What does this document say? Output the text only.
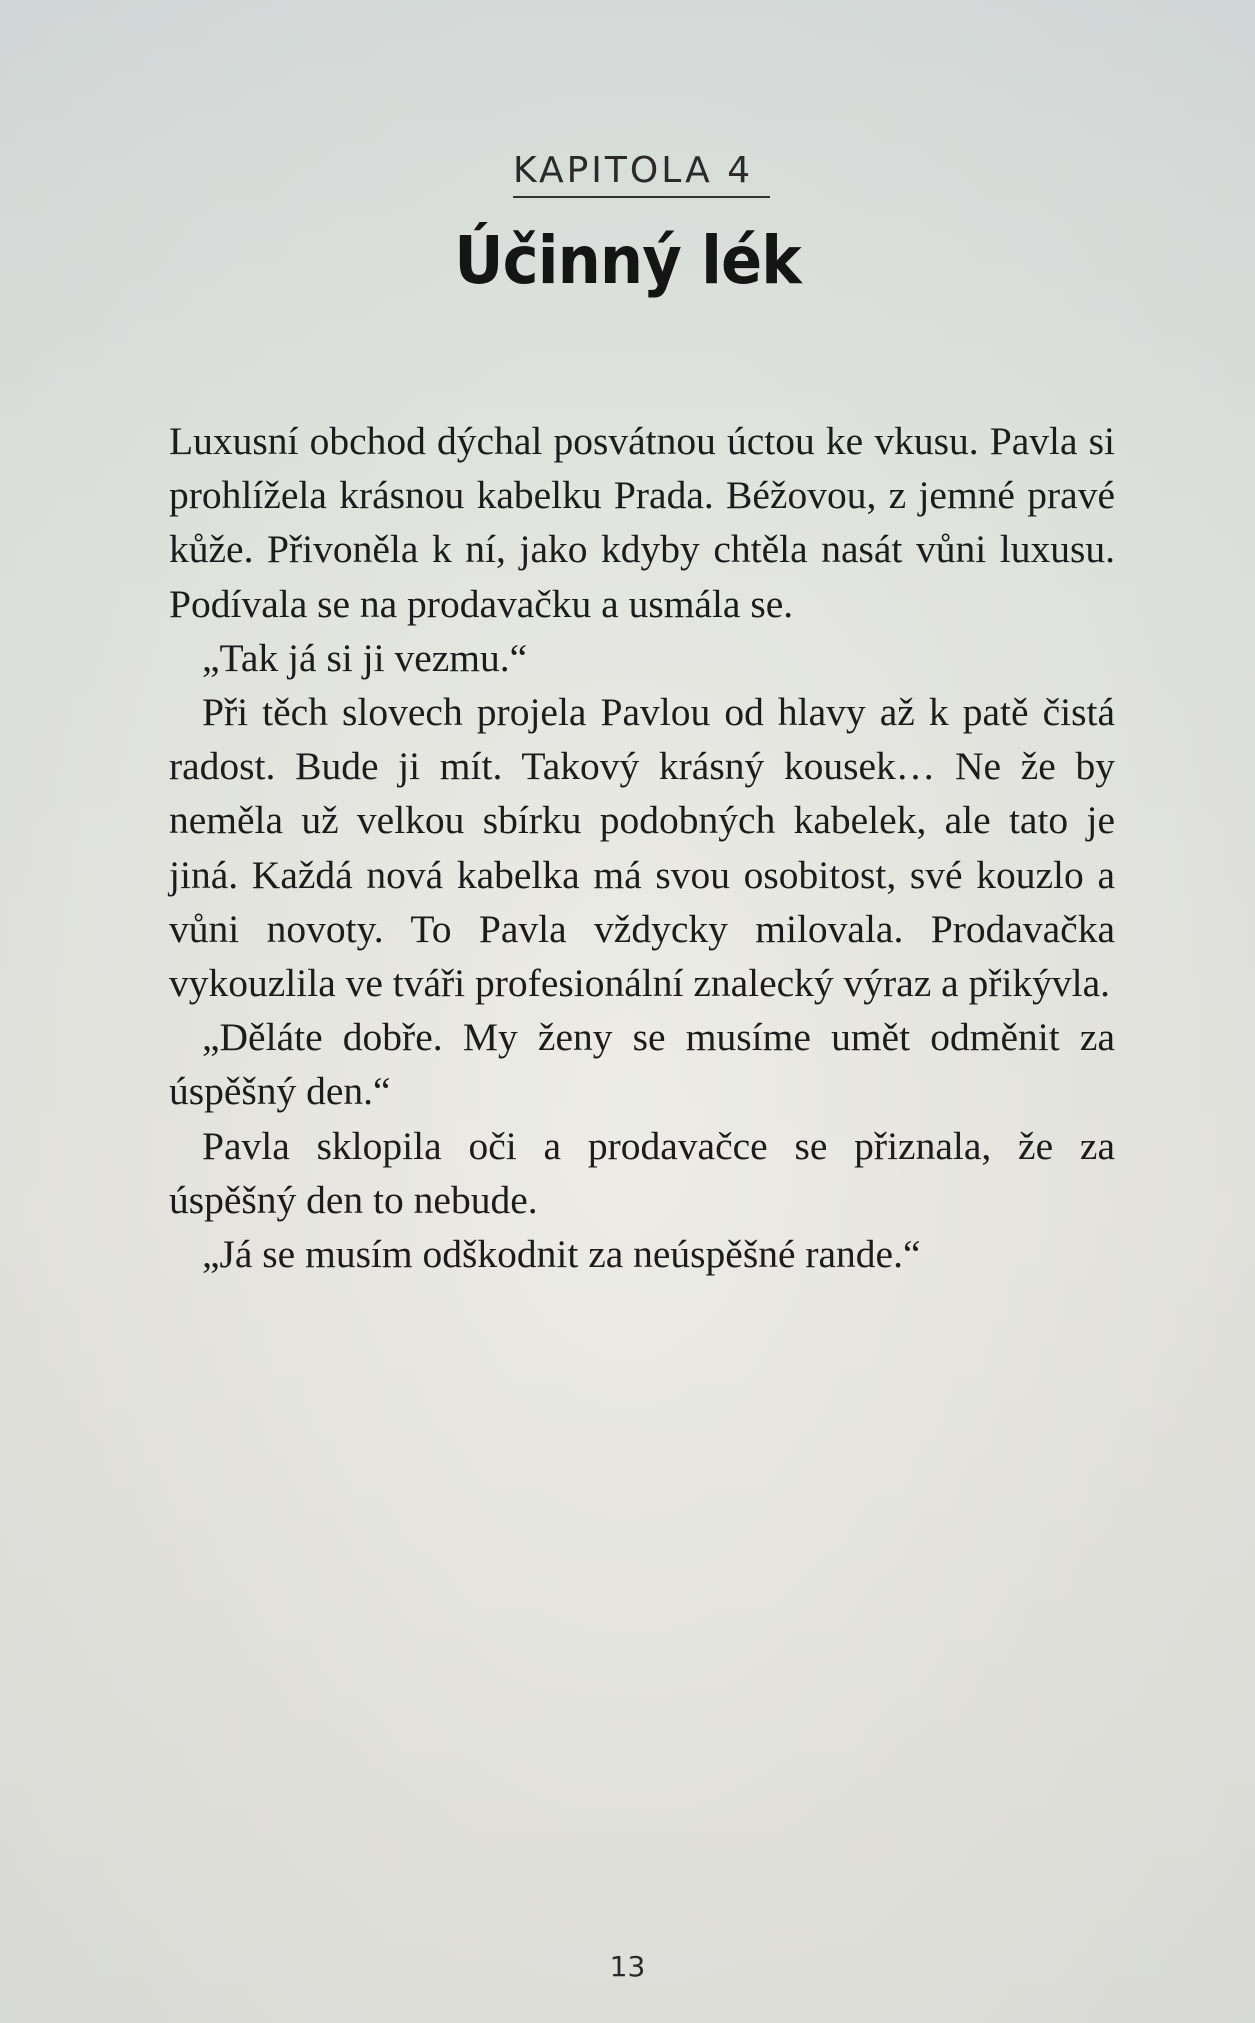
KAPITOLA 4
Účinný lék

Luxusní obchod dýchal posvátnou úctou ke vkusu. Pavla si prohlížela krásnou kabelku Prada. Béžovou, z jemné pravé kůže. Přivoněla k ní, jako kdyby chtěla nasát vůni luxusu. Podívala se na prodavačku a usmála se.

„Tak já si ji vezmu.“

Při těch slovech projela Pavlou od hlavy až k patě čistá radost. Bude ji mít. Takový krásný kousek… Ne že by neměla už velkou sbírku podobných kabelek, ale tato je jiná. Každá nová kabelka má svou osobitost, své kouzlo a vůni novoty. To Pavla vždycky milovala. Prodavačka vykouzlila ve tváři profesionální znalecký výraz a přikývla.

„Děláte dobře. My ženy se musíme umět odměnit za úspěšný den.“

Pavla sklopila oči a prodavačce se přiznala, že za úspěšný den to nebude.

„Já se musím odškodnit za neúspěšné rande.“

13
